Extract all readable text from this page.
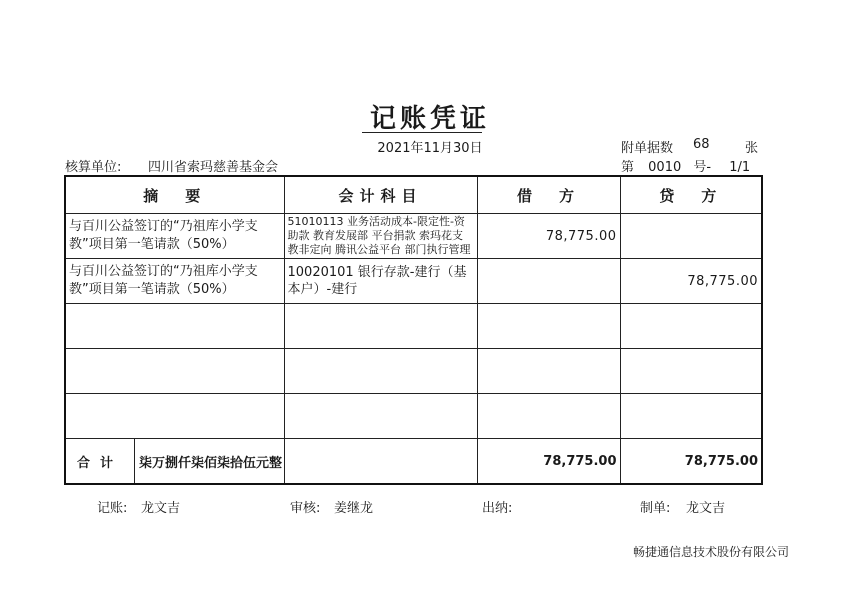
记账凭证
2021年11月30日	附单据数 68	张
核算单位: 四川省索玛慈善基金会	第 0010 号- 1/1
摘　要	会计科目	借　方	贷　方
与百川公益签订的“乃祖库小学支教”项目第一笔请款（50%）	51010113 业务活动成本-限定性-资助款 教育发展部 平台捐款 索玛花支教非定向 腾讯公益平台 部门执行管理	78,775.00	
与百川公益签订的“乃祖库小学支教”项目第一笔请款（50%）	10020101 银行存款-建行（基本户）-建行		78,775.00

合计 柒万捌仟柒佰柒拾伍元整		78,775.00	78,775.00
记账: 龙文吉	审核: 姜继龙	出纳:	制单: 龙文吉
畅捷通信息技术股份有限公司
